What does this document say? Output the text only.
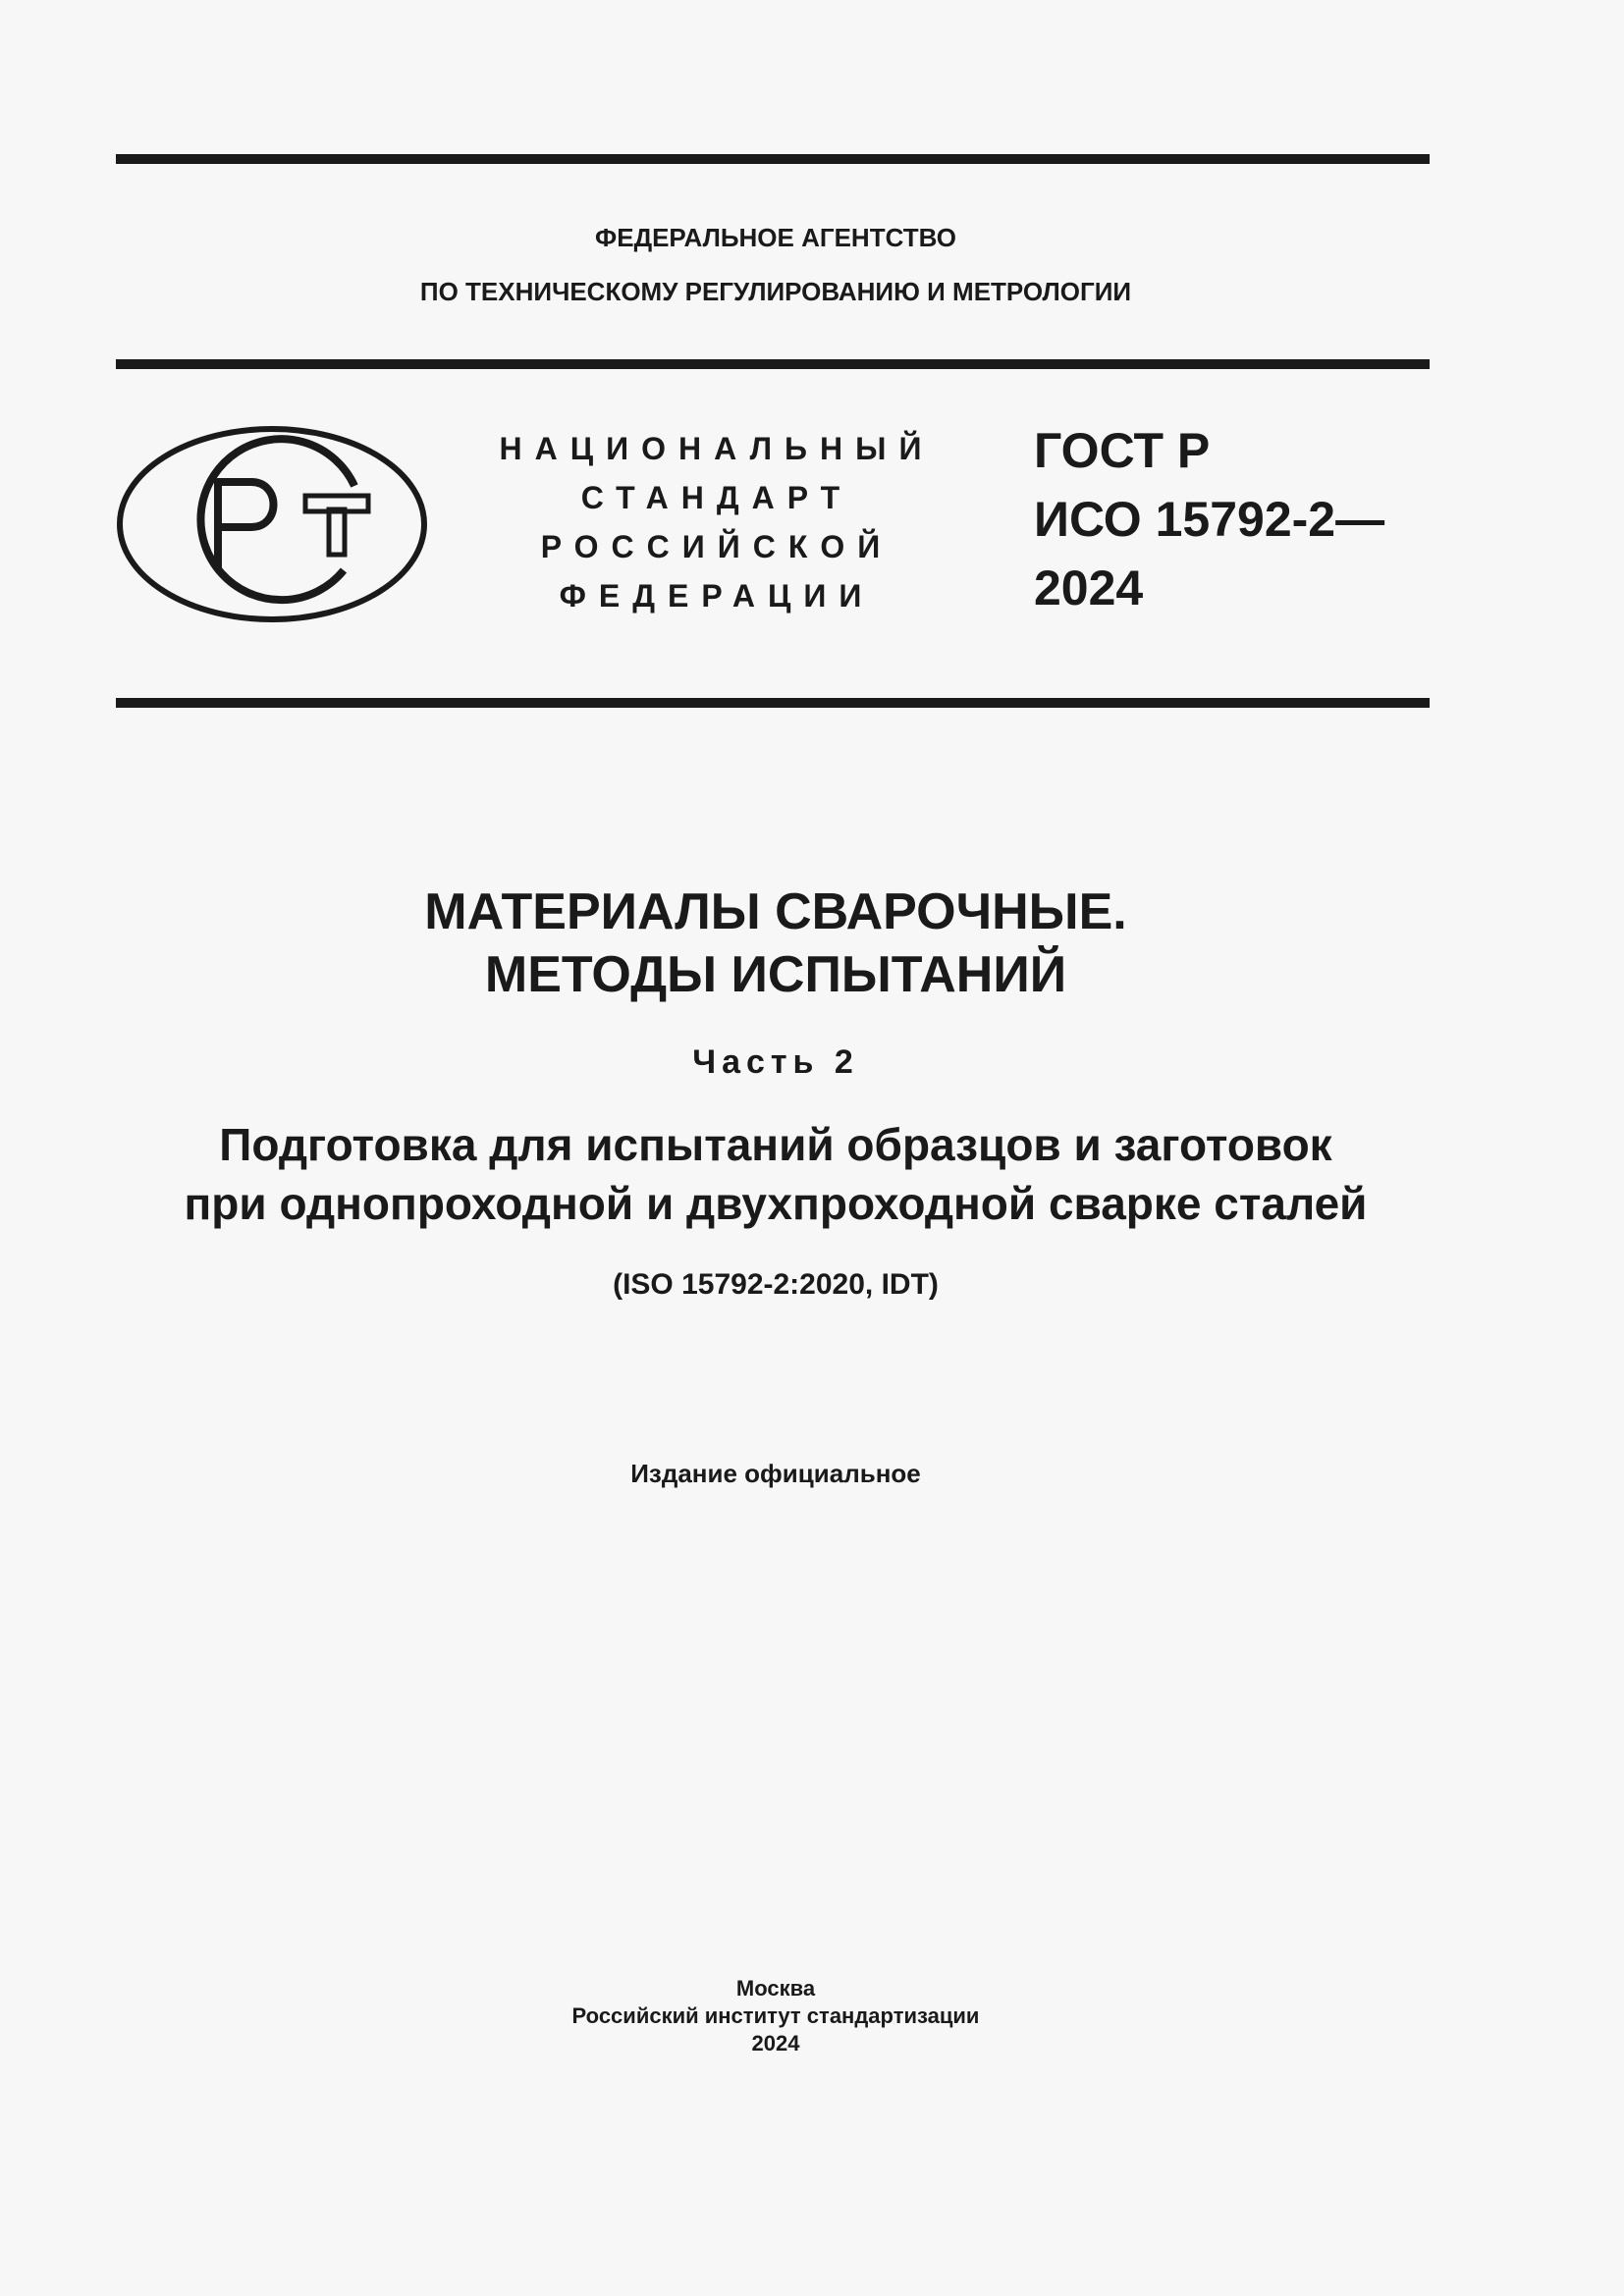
ФЕДЕРАЛЬНОЕ АГЕНТСТВО

ПО ТЕХНИЧЕСКОМУ РЕГУЛИРОВАНИЮ И МЕТРОЛОГИИ

НАЦИОНАЛЬНЫЙ
СТАНДАРТ
РОССИЙСКОЙ
ФЕДЕРАЦИИ
ГОСТ Р
ИСО 15792-2—
2024

МАТЕРИАЛЫ СВАРОЧНЫЕ.

МЕТОДЫ ИСПЫТАНИЙ

Часть 2

Подготовка для испытаний образцов и заготовок

при однопроходной и двухпроходной сварке сталей

(ISO 15792-2:2020, IDT)

Издание официальное

Москва

Российский институт стандартизации

2024
